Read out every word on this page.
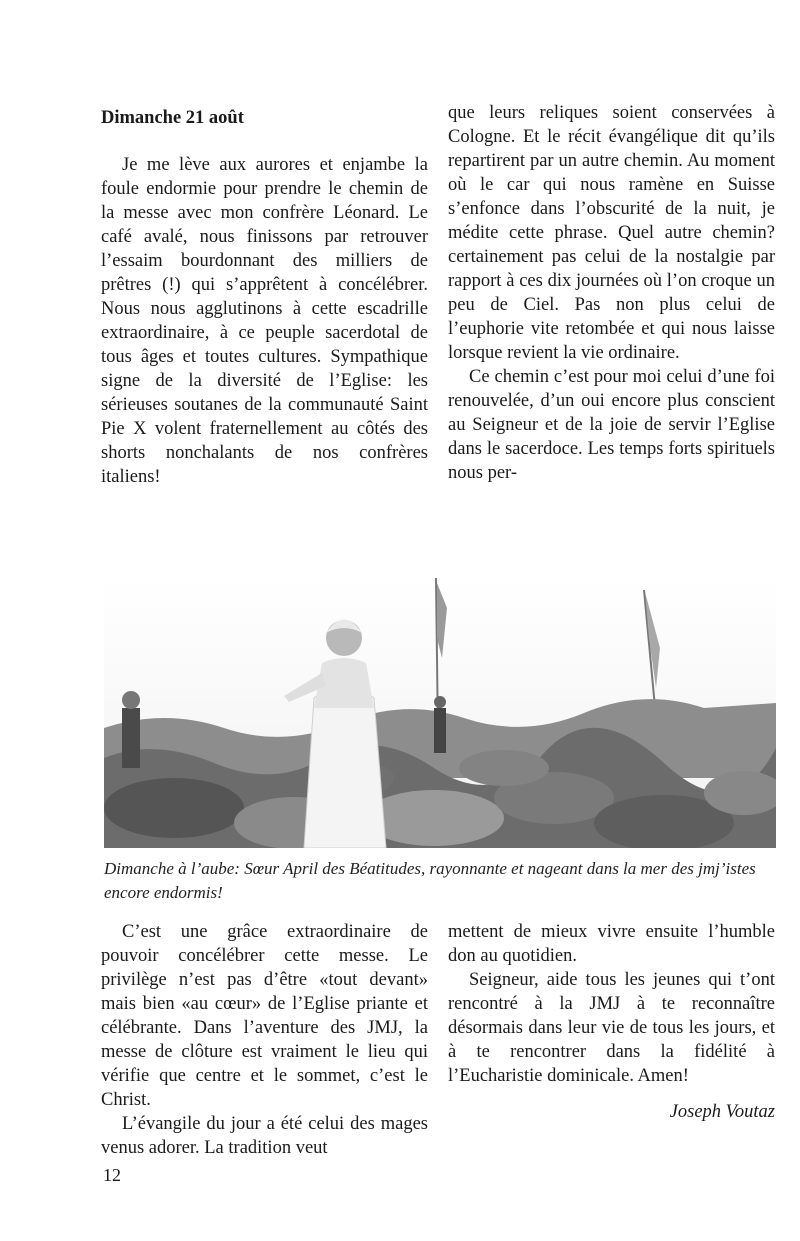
Dimanche 21 août

Je me lève aux aurores et enjambe la foule endormie pour prendre le chemin de la messe avec mon confrère Léonard. Le café avalé, nous finissons par retrouver l’essaim bourdonnant des milliers de prêtres (!) qui s’apprêtent à concélébrer. Nous nous agglutinons à cette escadrille extraordinaire, à ce peuple sacerdotal de tous âges et toutes cultures. Sympathique signe de la diversité de l’Eglise: les sérieuses soutanes de la communauté Saint Pie X volent fraternellement au côtés des shorts nonchalants de nos confrères italiens!

que leurs reliques soient conservées à Cologne. Et le récit évangélique dit qu’ils repartirent par un autre chemin. Au moment où le car qui nous ramène en Suisse s’enfonce dans l’obscurité de la nuit, je médite cette phrase. Quel autre chemin? certainement pas celui de la nostalgie par rapport à ces dix journées où l’on croque un peu de Ciel. Pas non plus celui de l’euphorie vite retombée et qui nous laisse lorsque revient la vie ordinaire.

Ce chemin c’est pour moi celui d’une foi renouvelée, d’un oui encore plus conscient au Seigneur et de la joie de servir l’Eglise dans le sacerdoce. Les temps forts spirituels nous per-

Dimanche à l’aube: Sœur April des Béatitudes, rayonnante et nageant dans la mer des jmj’istes encore endormis!

C’est une grâce extraordinaire de pouvoir concélébrer cette messe. Le privilège n’est pas d’être «tout devant» mais bien «au cœur» de l’Eglise priante et célébrante. Dans l’aventure des JMJ, la messe de clôture est vraiment le lieu qui vérifie que centre et le sommet, c’est le Christ.

L’évangile du jour a été celui des mages venus adorer. La tradition veut

mettent de mieux vivre ensuite l’humble don au quotidien.

Seigneur, aide tous les jeunes qui t’ont rencontré à la JMJ à te reconnaître désormais dans leur vie de tous les jours, et à te rencontrer dans la fidélité à l’Eucharistie dominicale. Amen!

Joseph Voutaz

12
